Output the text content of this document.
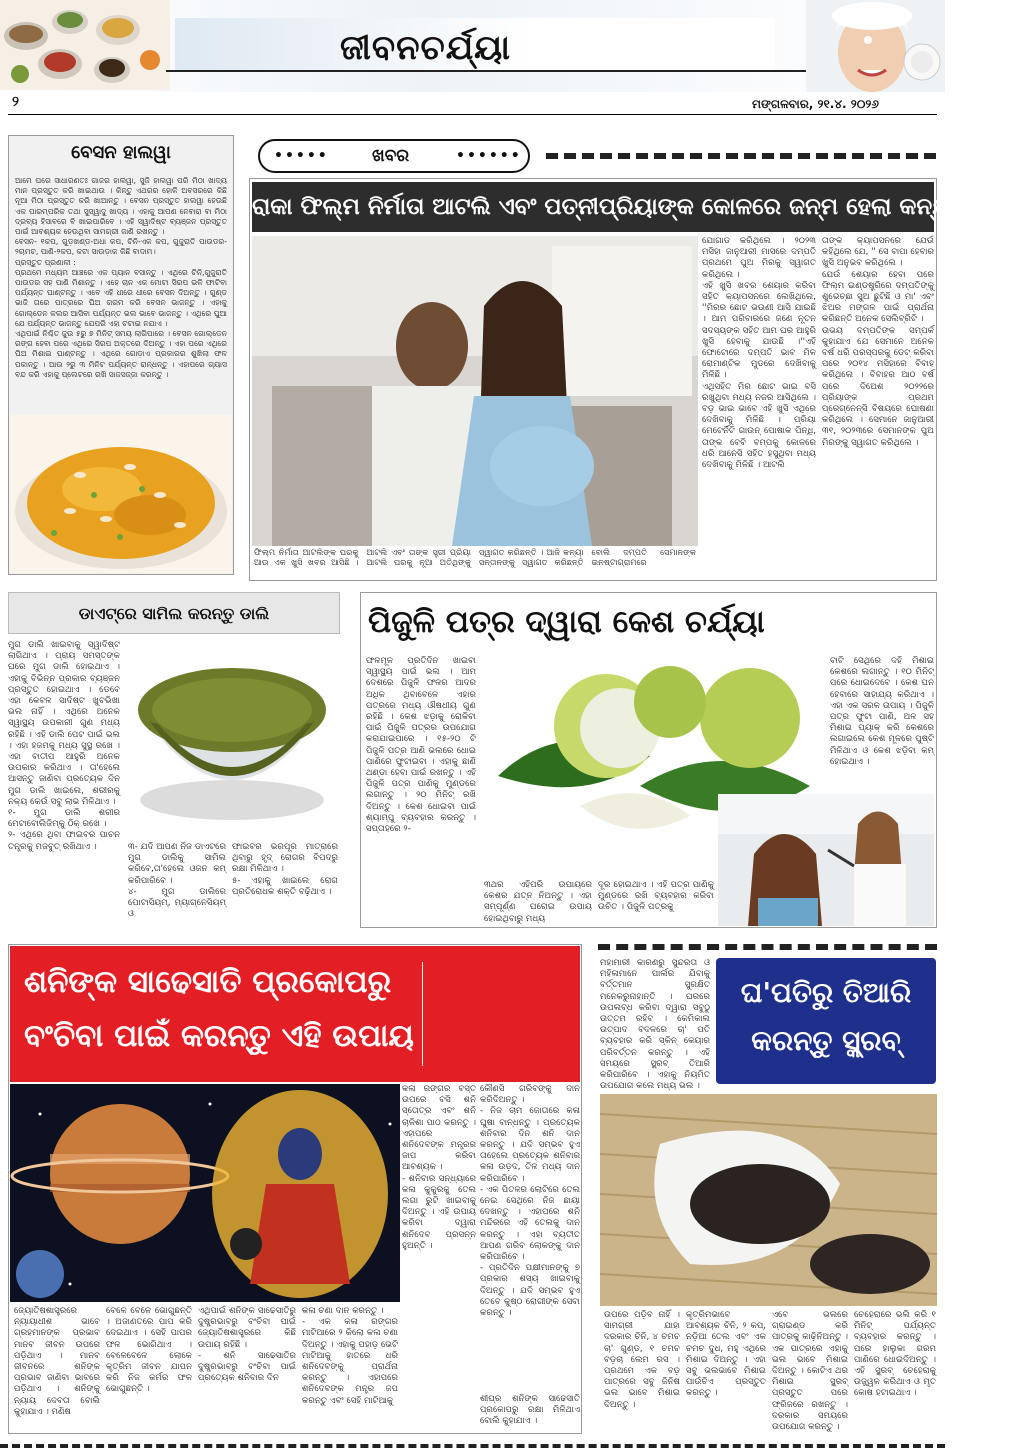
ଜୀବନଚର୍ଯ୍ୟା
୨	ମଙ୍ଗଳବାର, ୨୧.୪. ୨୦୨୬
ବେସନ ହାଲୱା
ଆମେ ଘରେ ସାଧାରଣତଃ ଗାଜର ହାଲୱା, ସୁଜି ହାଲୱା ପରି ମିଠା ଖାଦ୍ୟ ମାନ ପ୍ରସ୍ତୁତ କରି ଖାଇଥାଉ । କିନ୍ତୁ ଏଥରର ହୋଳି ଅବସରରେ କିଛି ନୂଆ ମିଠା ପ୍ରସ୍ତୁତ କରି ଖାଆନ୍ତୁ । ବେସନ ପ୍ରସ୍ତୁତ ହାଲୱା ହେଉଛି ଏକ ପାରମ୍ପରିକ ତଥା ସୁସ୍ୱାଦୁ ଖାଦ୍ୟ । ଏହାକୁ ଆପଣ ନେବାରା ବା ମିଠା ଦ୍ରବ୍ୟ ହିସାବରେ ବି ଖାଇପାରିବେ । ଏହି ସ୍ୱାଦିଷ୍ଟ ବ୍ୟଞ୍ଜନ ପ୍ରସ୍ତୁତ ପାଇଁ ଆବଶ୍ୟକ ହେଉଥିବା ସାମଗ୍ରୀ ଜାଣି ରଖନ୍ତୁ ।
ବେସନ- ୧କପ, ଗୁଡ଼ଖଣ୍ଡ-ଅଧା କପ, ଚିନି-ଏକ କପ, ଗୁଜୁରାତି ପାଉଡର- ୨ଚାମଚ, ପାଣି-୨କପ, କଟା ସାଉଡ଼ାକ କିଛି ବାଦାମ।
ପ୍ରସ୍ତୁତ ପ୍ରଣାଳୀ :
ପ୍ରଥମେ ମଧ୍ୟମ ଆଞ୍ଚରେ ଏକ ପ୍ୟାନ ବସାନ୍ତୁ । ଏଥିରେ ଚିନି,ଗୁଜୁରାତି ପାଉଡର ସହ ପାଣି ମିଶାନ୍ତୁ । ଏହେ ଚାନ ଏକ ମୋଟା ସିରପ ଭଳି ଫାଟିବା ପର୍ଯ୍ୟନ୍ତ ଘାଣ୍ଟନ୍ତୁ । ଏବେ ଏହି ଧୀରେ ଧୀରେ ବେସନ ଦିଅନ୍ତୁ । ଗୁଣ୍ଡ ଭାଜି ତାରେ ପାତ୍ରରେ ଘିଅ ଗରମ କରି ବେସନ ଭାଜନ୍ତୁ । ଏହାକୁ ଗୋଲ୍ଡେନ କଲର ଆସିବା ପର୍ଯ୍ୟନ୍ତ ଭଲ ଭାବେ ଭାଜନ୍ତୁ । ଏଥିରେ ଘୁଆ ଯେ ପର୍ଯ୍ୟନ୍ତ ଭାଜନ୍ତୁ ଯେପରି ଏହା ଚଟାଇ ନଯାଏ ।
ଏଥିପାଇଁ ନିଶ୍ଚିତ ଜୁଉ ୫ରୁ ୭ ମିନିଟ୍ ସମୟ ଲାଗିପାରେ । ବେସନ ଗୋଲ୍ଡେନ ରଙ୍ଗ ହେବା ପରେ ଏଥିରେ ସିରପ ଅକ୍ତରେ ଦିଅନ୍ତୁ । ଏହା ପରେ ଏଥିରେ ଘିଅ ମିଶାଇ ଘାଣ୍ଟନ୍ତୁ । ଏଥିରେ ଗୋଡ଼ାଏ ପ୍ରକାରର ଶୁଖିଲା ଫଳ ପକାନ୍ତୁ । ଆଉ ୨ରୁ ୩ ମିନିଟ ପର୍ଯ୍ୟନ୍ତ ରାନ୍ଧନ୍ତୁ । ଏହାପରେ ଗ୍ୟାସ ବନ୍ଦ କରି ଏହାକୁ ପ୍ଲେଟରେ ରଖି ସାଜସଜ୍ଜା କରନ୍ତୁ ।
•••••	ଖବର	••••••
ରାକା ଫିଲ୍ମ ନିର୍ମାତା ଆଟଲି ଏବଂ ପତ୍ନୀପ୍ରିୟାଙ୍କ କୋଳରେ ଜନ୍ମ ହେଲା କନ୍ୟା ସନ୍ତାନ
ଫିଲ୍ମ ନିର୍ମାତା ଆଟଲିଙ୍କ ଘରକୁ ଆଉ ଏକ ଖୁସି ଖବର ଆସିଛି । ଆଟଲି ଏବଂ ତାଙ୍କ ସ୍ତ୍ରୀ ପ୍ରିୟା ଆଟଲି ଘରକୁ ନୂଆ ଅତିଥିଙ୍କୁ ସ୍ୱାଗତ କରିଛନ୍ତି । ଆଜି କନ୍ୟା ସନ୍ତାନଙ୍କୁ ସ୍ୱାଗତ କରିଛନ୍ତି ବୋଲି ଦମ୍ପତି ସେମାନଙ୍କ ଇନଷ୍ଟାଗ୍ରାମରେ
ଯୋଗାଡ କରିଥିଲେ । ୨୦୨୩ ମସିହା ଜାନୁଆରୀ ମାସରେ ଦମ୍ପତି ପ୍ରଥମେ ପୁଅ ମିରକୁ ସ୍ୱାଗତ କରିଥିଲେ ।
ଏହି ଖୁସି ଖବର ଶେୟାର କରିବା ସହିତ କ୍ୟାପସନରେ ଲେଖିଥିଲେ, ''ମିରର ଛୋଟ ଭଉଣୀ ଆସି ଯାଇଛି । ଆମ ପରିବାରରେ ଜଣେ ନୂତନ ସଦସ୍ୟଙ୍କ ସହିତ ଆମ ଘର ଆହୁରି ଖୁସି ହେବାକୁ ଯାଉଛି ।''ଏହି ଫୋଟୋରେ ଦମ୍ପତି ଭାବ ମିଳ ରୋମାଣ୍ଟିକ ମୁଡରେ ଦେଖିବାକୁ ମିଳିଛି ।
ଏଥିସହିତ ମିର ଛୋଟ ଭାଇ ବସି ରଖୁଥିବା ମଧ୍ୟ ନଜର ଆସିଥିଲେ । ବଡ଼ ଭାଇ ଭାବେ ଏହି ଖୁସି ଏଥିରେ ଦେଖିବାକୁ ମିଳିଛି । ପ୍ରିୟା ମେଟେର୍ନିଟି ଗାଉନ୍ ପୋଷାକ ପିନ୍ଧି, ତାଙ୍କ ବେବି ବମ୍ପକୁ କୋଳରେ ଧରି ଆନେସି ସହିତ ହସୁଥିବା ମଧ୍ୟ ଦେଖିବାକୁ ମିଳିଛି । ଆଟଲି
ତାଙ୍କ କ୍ୟାପସନରେ ଯେଉଁ କହିଥିଲେ ଯେ, '' ସେ ବାପା ହେବାର ଖୁସି ଅନୁଭବ କରିଥିଲେ ।
ଯେଉଁ ଶେୟାର ହେବା ପରେ ଫିଲ୍ମ ଇଣ୍ଡଷ୍ଟ୍ରିରେ ଦମ୍ପତିଙ୍କୁ ଶୁଭେଚ୍ଛା ସୁଅ ଛୁଟିଛି ଓ ମା' ଏବଂ ଝିଅର ମଙ୍ଗଳ ପାଇଁ ପ୍ରାର୍ଥନା କରିଛନ୍ତି ଅନେକ ସେଲିବ୍ରିଟି ।
ଉଭୟ ଦମ୍ପତିଙ୍କ ସମ୍ପର୍କ କୁହାଯାଏ ଯେ ସେମାନେ ଅନେକ ବର୍ଷ ଧରି ପରସ୍ପରକୁ ଡେଟ୍ କରିବା ପରେ ୨୦୧୪ ମସିହାରେ ବିବାହ କରିଥିଲେ । ବିବାହର ଆଠ ବର୍ଷ ପରେ ଦିଅେଶ ୨୦୨୨ରେ ପ୍ରିୟାଙ୍କ ପ୍ରଥମ ପ୍ରେଗ୍ନେନ୍ସି ବିଷୟରେ ଘୋଷଣା କରିଥିଲେ । ସେମାନେ ଜାନୁଆରୀ ୩୧, ୨୦୨୩ରେ ସେମାନଙ୍କ ପୁଅ ମିରଙ୍କୁ ସ୍ୱାଗତ କରିଥିଲେ ।
ଡାଏଟ୍‌ରେ ସାମିଲ କରନ୍ତୁ ଡାଲି
ମୁଗ ଡାଲି ଖାଇବାକୁ ସ୍ୱାଦିଷ୍ଟ ଲାଗିଥାଏ । ପ୍ରାୟ ସମସ୍ତଙ୍କ ଘରେ ମୁଗ ଡାଲି ହୋଇଥାଏ । ଏହାକୁ ବିଭିନ୍ନ ପ୍ରକାର ବ୍ୟଞ୍ଜନ ପ୍ରସ୍ତୁତ ହୋଇଥାଏ । ଡେବେ ଏହା କେବଳ ସାଦିଷ୍ଟ ଖୁବଭିଖା ଭଲ ନାହିଁ । ଏଥିରେ ଅନେକ ସ୍ୱାସ୍ଥ୍ୟ ଉପକାରୀ ଗୁଣ ମଧ୍ୟ ରହିଛି । ଏହି ଡାଲି ପେଟ ପାଇଁ ଭଲ । ଏହା ହଜମକୁ ମଧ୍ୟ ସୁସ୍ଥ ରଖେ । ଏହା ବାତୀପ ଆହୁରି ଅନେକ ଉପକାର କରିଥାଏ । ତା'ହେଲେ ଆସନ୍ତୁ ଜାଣିବା ପ୍ରତ୍ୟେକ ଦିନ ମୁଗ ଡାଲି ଖାଇଲେ, ଶରୀରକୁ ନକ୍ୟ କେଉଁ ସବୁ ଲାଭ ମିଳିଥାଏ ।
୧- ମୁଗ ଡାଲି ଶରୀର ମେଟାବୋଲିଜିମ୍‌କୁ ଠିକ୍ ରଖେ ।
୨- ଏଥିରେ ଥିବା ଫାଇବର ପାଚନ ତନ୍ତ୍ରକୁ ମଜବୁତ୍ ରଖିଥାଏ ।	୩- ଯଦି ଆପଣ ନିଜ ଡାଏଟରେ ମୁଗ ଡାଲିକୁ ସାମିଲ କରିବେ,ତା'ହେଲେ ଓଜନ କମ୍ କରିପାରିବେ ।
୪- ମୁଗ ଡାଲିରେ ପୋଟାସିୟମ୍, ମ୍ୟାଗ୍ନେସିୟମ୍ ଓ
ଫାଇବର ଭରପୂର ମାତ୍ରାରେ ଥିବାରୁ ହୃଦ୍ ରୋଗର ବିପଦରୁ ରକ୍ଷା ମିଳିଥାଏ ।
୫- ଏହାକୁ ଖାଇଲେ ରୋଗ ପ୍ରତିରୋଧକ ଶକ୍ତି ବଢ଼ିଥାଏ ।
ପିଜୁଳି ପତ୍ର ଦ୍ୱାରା କେଶ ଚର୍ଯ୍ୟା
ଫଳମୂଳ ପ୍ରତିଦିନ ଖାଇବା ସ୍ୱାସ୍ଥ୍ୟ ପାଇଁ ଭଲ । ଆମ ଦେଶରେ ପିଜୁଳି ଫଳର ଆଦର ଅଧିକ ଥିବାବେଳେ ଏହାର ପତ୍ରରେ ମଧ୍ୟ ଔଷଧୀୟ ଗୁଣ ରହିଛି । କେଶ ଝଡ଼ାକୁ ରୋକିବା ପାଇଁ ପିଜୁଳି ପତ୍ରର ଉପଯୋଗ କରାଯାଇପାରେ । ୧୫-୨୦ ଟି ପିଜୁଳି ପତ୍ର ଆଣି ଭଲରେ ଧୋଇ ପାଣିରେ ଫୁଟାଇବା । ଏହାକୁ ଛାଣି ଥଣ୍ଡା ହେବା ପାଇଁ ରଖନ୍ତୁ । ଏହି ପିଜୁଳି ପତ୍ର ପାଣିକୁ ମୁଣ୍ଡରେ ଲଗାନ୍ତୁ । ୨୦ ମିନିଟ୍ ରଖି ଦିଅନ୍ତୁ । କେଶ ଧୋଇବା ପାଇଁ ଶ୍ୟାମ୍ପୁ ବ୍ୟବହାର କରନ୍ତୁ । ସପ୍ତାହରେ ୨-
୩ଥର ଏହିପରି ଉପାୟରେ କେଶର ଯତ୍ନ ନିଅନ୍ତୁ । ଏହା ସମ୍ପୂର୍ଣ୍ଣ ଘରୋଇ ଉପାୟ ହୋଇଥିବାରୁ ମଧ୍ୟ
ଦୂର ହୋଇଥାଏ । ଏହି ପତ୍ର ପାଣିକୁ ମୁଣ୍ଡରେ ରଖି ବ୍ୟବହାର କରିବା ଉଚିତ । ପିଜୁଳି ପତ୍ରକୁ
ବାଟି ସେଥିରେ ଦହି ମିଶାଇ କେଶରେ ଲଗାନ୍ତୁ । ୧୦ ମିନିଟ୍ ପରେ ଧୋଇଦେବେ । କେଶ ଘନ ହେବାରେ ସାହାଯ୍ୟ କରିଥାଏ । ଏହା ଏକ ସରଳ ଉପାୟ । ପିଜୁଳି ପତ୍ର ଫୁଟା ପାଣି, ଅଳ ସହ ମିଶାଇ ପ୍ୟାକ୍ କରି କେଶରେ ଲଗାଇଲେ କେଶ ମୂଳରେ ପୁଷ୍ଟି ମିଳିଥାଏ ଓ କେଶ ଝଡ଼ିବା କମ୍ ହୋଇଥାଏ ।
ଶନିଙ୍କ ସାଢେସାତି ପ୍ରକୋପରୁ
ବଂଚିବା ପାଇଁ କରନ୍ତୁ ଏହି ଉପାୟ
କଳା ରଙ୍ଗର ବସ୍ତ ଉପରେ ବସି ଶନି ସ୍ତୋତ୍ର ଏବଂ ଶନି ଚାଳିଶା ପାଠ କରନ୍ତୁ । ଏହାପରେ ଶନିଦେବଙ୍କ ମନ୍ତ୍ରର ଜାପ କରିବା ଆବଶ୍ୟକ ।
- ଶନିବାର ସନ୍ଧ୍ୟାରେ କଳା କୁକୁରକୁ ତେଲ ଲଗା ରୁଟି ଖାଇବାକୁ ଦିଅନ୍ତୁ । ଏହି ଉପାୟ କରିବା ଦ୍ୱାରା ଶନିଦେବ ପ୍ରସନ୍ନ ହୁଅନ୍ତି ।
କୌଣସି ଗରିବଙ୍କୁ ଦାନ କରିଦିଅନ୍ତୁ ।
- ନିଜ ଚାମ ଜୋତାରେ କଳା ଘୁଷା ବାନ୍ଧନ୍ତୁ । ପ୍ରତ୍ୟେକ ଶନିବାର ଦିନ ଶନି ଦାନ କରନ୍ତୁ । ଯଦି ସମ୍ଭବ ହୁଏ ତାହେଲେ ପ୍ରତ୍ୟେକ ଶନିବାର କଳା ଉଡ଼ଦ, ତିଳ ମଧ୍ୟ ଦାନ କରିପାରିବେ ।
- ଏକ ପିତଳର ଲୋଟିରେ ତେଲ ନେଇ ସେଥିରେ ନିଜ ଛାୟା ଦେଖନ୍ତୁ । ଏହାପରେ ଶନି ମନ୍ଦିରରେ ଏହି ତେଲକୁ ଦାନ କରନ୍ତୁ । ଏହା ବ୍ୟତୀତ ଆପଣ ଗରିବ ଲୋକଙ୍କୁ ଦାନ କରିପାରିବେ ।
- ପ୍ରତିଦିନ ପକ୍ଷୀମାନଙ୍କୁ ୭ ପ୍ରକାର ଶସ୍ୟ ଖାଇବାକୁ ଦିଅନ୍ତୁ । ଯଦି ସମ୍ଭବ ହୁଏ ତେବେ କୁଷ୍ଠ ରୋଗୀଙ୍କ ସେବା କରନ୍ତୁ ।
ଜ୍ୟୋତିଷଶାସ୍ତ୍ରରେ ନ୍ୟାୟାଧୀଶ ଭାବେ ଗ୍ରହମାନଙ୍କ ପ୍ରଭାବ ମାନବ ଜୀବନ ଉପରେ ପଡ଼ିଥାଏ । ମାନବ ଜୀବନରେ ଶନିଙ୍କ ପ୍ରଭାବ ଜାଣିବା ଭାବରେ ପଡ଼ିଥାଏ । ଶନିଙ୍କୁ ନ୍ୟାୟ ଦେବତା ବୋଲି କୁହାଯାଏ । ମଣିଷ
ବେଳେ ବେଳେ ଭୋଗୁଛନ୍ତି । ଅଜାଣତରେ ପାପ କରି ଦେଇଥାଏ । ସେହି ପାପର ଫଳ ଭୋଗିଥାଏ । ବେଳେବେଳେ ଲୋକେ କୃତ୍ରିମ ଜୀବନ ଯାପନ କରି ନିଜ କର୍ମର ଫଳ ଭୋଗୁଛନ୍ତି ।
ଏଥିପାଇଁ ଶନିଙ୍କ ସାଢେସାତିରୁ ଦୁଷ୍ପ୍ରଭାବରୁ ବଂଚିବା ପାଇଁ ଜ୍ୟୋତିଷଶାସ୍ତ୍ରରେ କିଛି ଉପାୟ ରହିଛି ।
- ଶନି ସାଢେସାତିର ଦୁଷ୍ପ୍ରଭାବରୁ ବଂଚିବା ପାଇଁ ପ୍ରତ୍ୟେକ ଶନିବାର ଦିନ
କଳା ଚଣା ଦାନ କରନ୍ତୁ ।
- ଏକ କଳା ରଙ୍ଗର ମାଟିଆରେ ୨ କିଲୋ କଳା ଚଣା ଦିଅନ୍ତୁ । ଏହାକୁ ପହାଡ଼ ଭେଟି ମାଟିଆକୁ ହାତରେ ଧରି ଶନିଦେବଙ୍କୁ ପ୍ରାର୍ଥନା କରନ୍ତୁ । ଏହାପରେ ଶନିଦେବଙ୍କ ମନ୍ତ୍ର ଜପ କରନ୍ତୁ ଏବଂ ସେହି ମାଟିଆକୁ	ଶୀଘ୍ର ଶନିଙ୍କ ସାଢେସାତି ପ୍ରକୋପରୁ ରକ୍ଷା ମିଳିଥାଏ ବୋଲି କୁହାଯାଏ ।
ମହାମାରୀ କାରଣରୁ ସୁନ୍ଦରତା ଓ ମହିଳାମାନେ ପାର୍ଲର ଯିବାକୁ ବର୍ତ୍ତମାନ ସୁରକ୍ଷିତ ମନେକରୁନାହାନ୍ତି । ଘରରେ ଉପଲବ୍ଧ କରିବା ଦ୍ୱାରା ସବୁଠୁ ଉତ୍ତମ ରହିବ । କେମିକାଲ ଉତ୍ପାଦ ବଦଳରେ ଚା' ପତି ବ୍ୟବହାର କରି ସ୍କିନ୍ କେୟାର ପରିବର୍ତ୍ତନ କରନ୍ତୁ । ଏହି ସମୟରେ ସ୍କ୍ରବ୍ ତିଆରି କରିପାରିବେ । ଏହାକୁ ନିୟମିତ ଉପଯୋଗ କଲେ ମଧ୍ୟ ଭଲ ।
ଘ'ପତିରୁ ତିଆରି
କରନ୍ତୁ ସ୍କ୍ରବ୍
ଉପରେ ପଡ଼ିବ ନାହିଁ । ସାମଗ୍ରୀ ଯାହା ଦରକାର ଚିନି, ୪ ଚମଚ ଚା' ଗୁଣ୍ଡ, ୧ ଚମଚ ବଡ଼ଚା ଲେମ ରସ । ପ୍ରଥମେ ଏକ ବଡ଼ ପାତ୍ରରେ ସବୁ ଜିନିଷ ଭଲ ଭାବେ ମିଶାଇ ଦିଅନ୍ତୁ ।
କୃତ୍ରିମଭାବେ ଆବଶ୍ୟକ ଚିନି, ୨ କପ୍, ନଡ଼ିଆ ତେଲ ଏବଂ ଏକ ଚମଚ ଦୁଧ, ମହୁ ଏଥିରେ ମିଶାଇ ଦିଅନ୍ତୁ । ଏହା ସବୁ ଭଲଭାବେ ମିଶାଇ ପାଉଁଚିଏ ପ୍ରସ୍ତୁତ କରନ୍ତୁ ।
ଏବେ ଭଲରେ ଗ୍ରାଇଣ୍ଡ କରି ପାତ୍ରକୁ କାଢ଼ିନିଅନ୍ତୁ । ଏକ ପାତ୍ରରେ ଏହାକୁ ଭଲ ଭାବେ ମିଶାଇ ଦିଅନ୍ତୁ । କୋଟିଏ ଥର ମିଶାଇ ସ୍କ୍ରବ୍ ପ୍ରସ୍ତୁତ ପରେ ଫ୍ରିଜରେ ରଖନ୍ତୁ । ଦରକାର ସମୟରେ ଉପଯୋଗ କରନ୍ତୁ ।
ଚେହେରାରେ ଭଲି କରି ୧ ମିନିଟ୍ ପର୍ଯ୍ୟନ୍ତ ବ୍ୟବହାର କରନ୍ତୁ । ପରେ ହାଲୁକା ଗରମ ପାଣିରେ ଧୋଇଦିଅନ୍ତୁ । ଏହି ସ୍କ୍ରବ୍ ଚେହେରାକୁ ଉଜ୍ଜ୍ୱଳ କରିଥାଏ ଓ ମୃତ କୋଷ ହଟାଇଥାଏ ।
